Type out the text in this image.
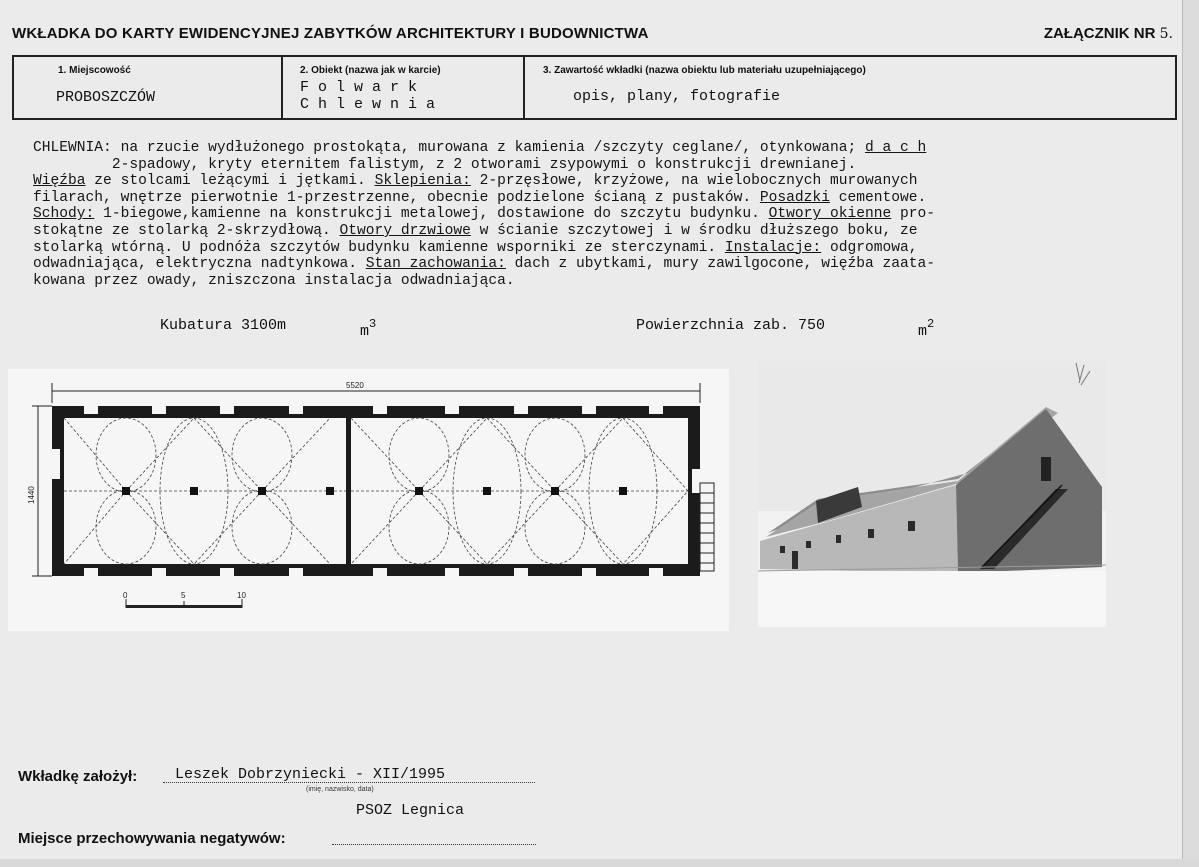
WKŁADKA DO KARTY EWIDENCYJNEJ ZABYTKÓW ARCHITEKTURY I BUDOWNICTWA	ZAŁĄCZNIK NR 5.
1. Miejscowość
PROBOSZCZÓW
2. Obiekt (nazwa jak w karcie)
F o l w a r k
C h l e w n i a
3. Zawartość wkładki (nazwa obiektu lub materiału uzupełniającego)
opis, plany, fotografie
CHLEWNIA: na rzucie wydłużonego prostokąta, murowana z kamienia /szczyty ceglane/, otynkowana; d a c h
2-spadowy, kryty eternitem falistym, z 2 otworami zsypowymi o konstrukcji drewnianej.
Więźba ze stolcami leżącymi i jętkami. Sklepienia: 2-przęsłowe, krzyżowe, na wielobocznych murowanych
filarach, wnętrze pierwotnie 1-przestrzenne, obecnie podzielone ścianą z pustaków. Posadzki cementowe.
Schody: 1-biegowe,kamienne na konstrukcji metalowej, dostawione do szczytu budynku. Otwory okienne pro-
stokątne ze stolarką 2-skrzydłową. Otwory drzwiowe w ścianie szczytowej i w środku dłuższego boku, ze
stolarką wtórną. U podnóża szczytów budynku kamienne wsporniki ze sterczynami. Instalacje: odgromowa,
odwadniająca, elektryczna nadtynkowa. Stan zachowania: dach z ubytkami, mury zawilgocone, więźba zaata-
kowana przez owady, zniszczona instalacja odwadniająca.
Kubatura 3100m	$m^3$	Powierzchnia zab. 750	$m^2$
5520
1440
0	5	10
Wkładkę założył:	Leszek Dobrzyniecki - XII/1995
(imię, nazwisko, data)
PSOZ Legnica
Miejsce przechowywania negatywów:
